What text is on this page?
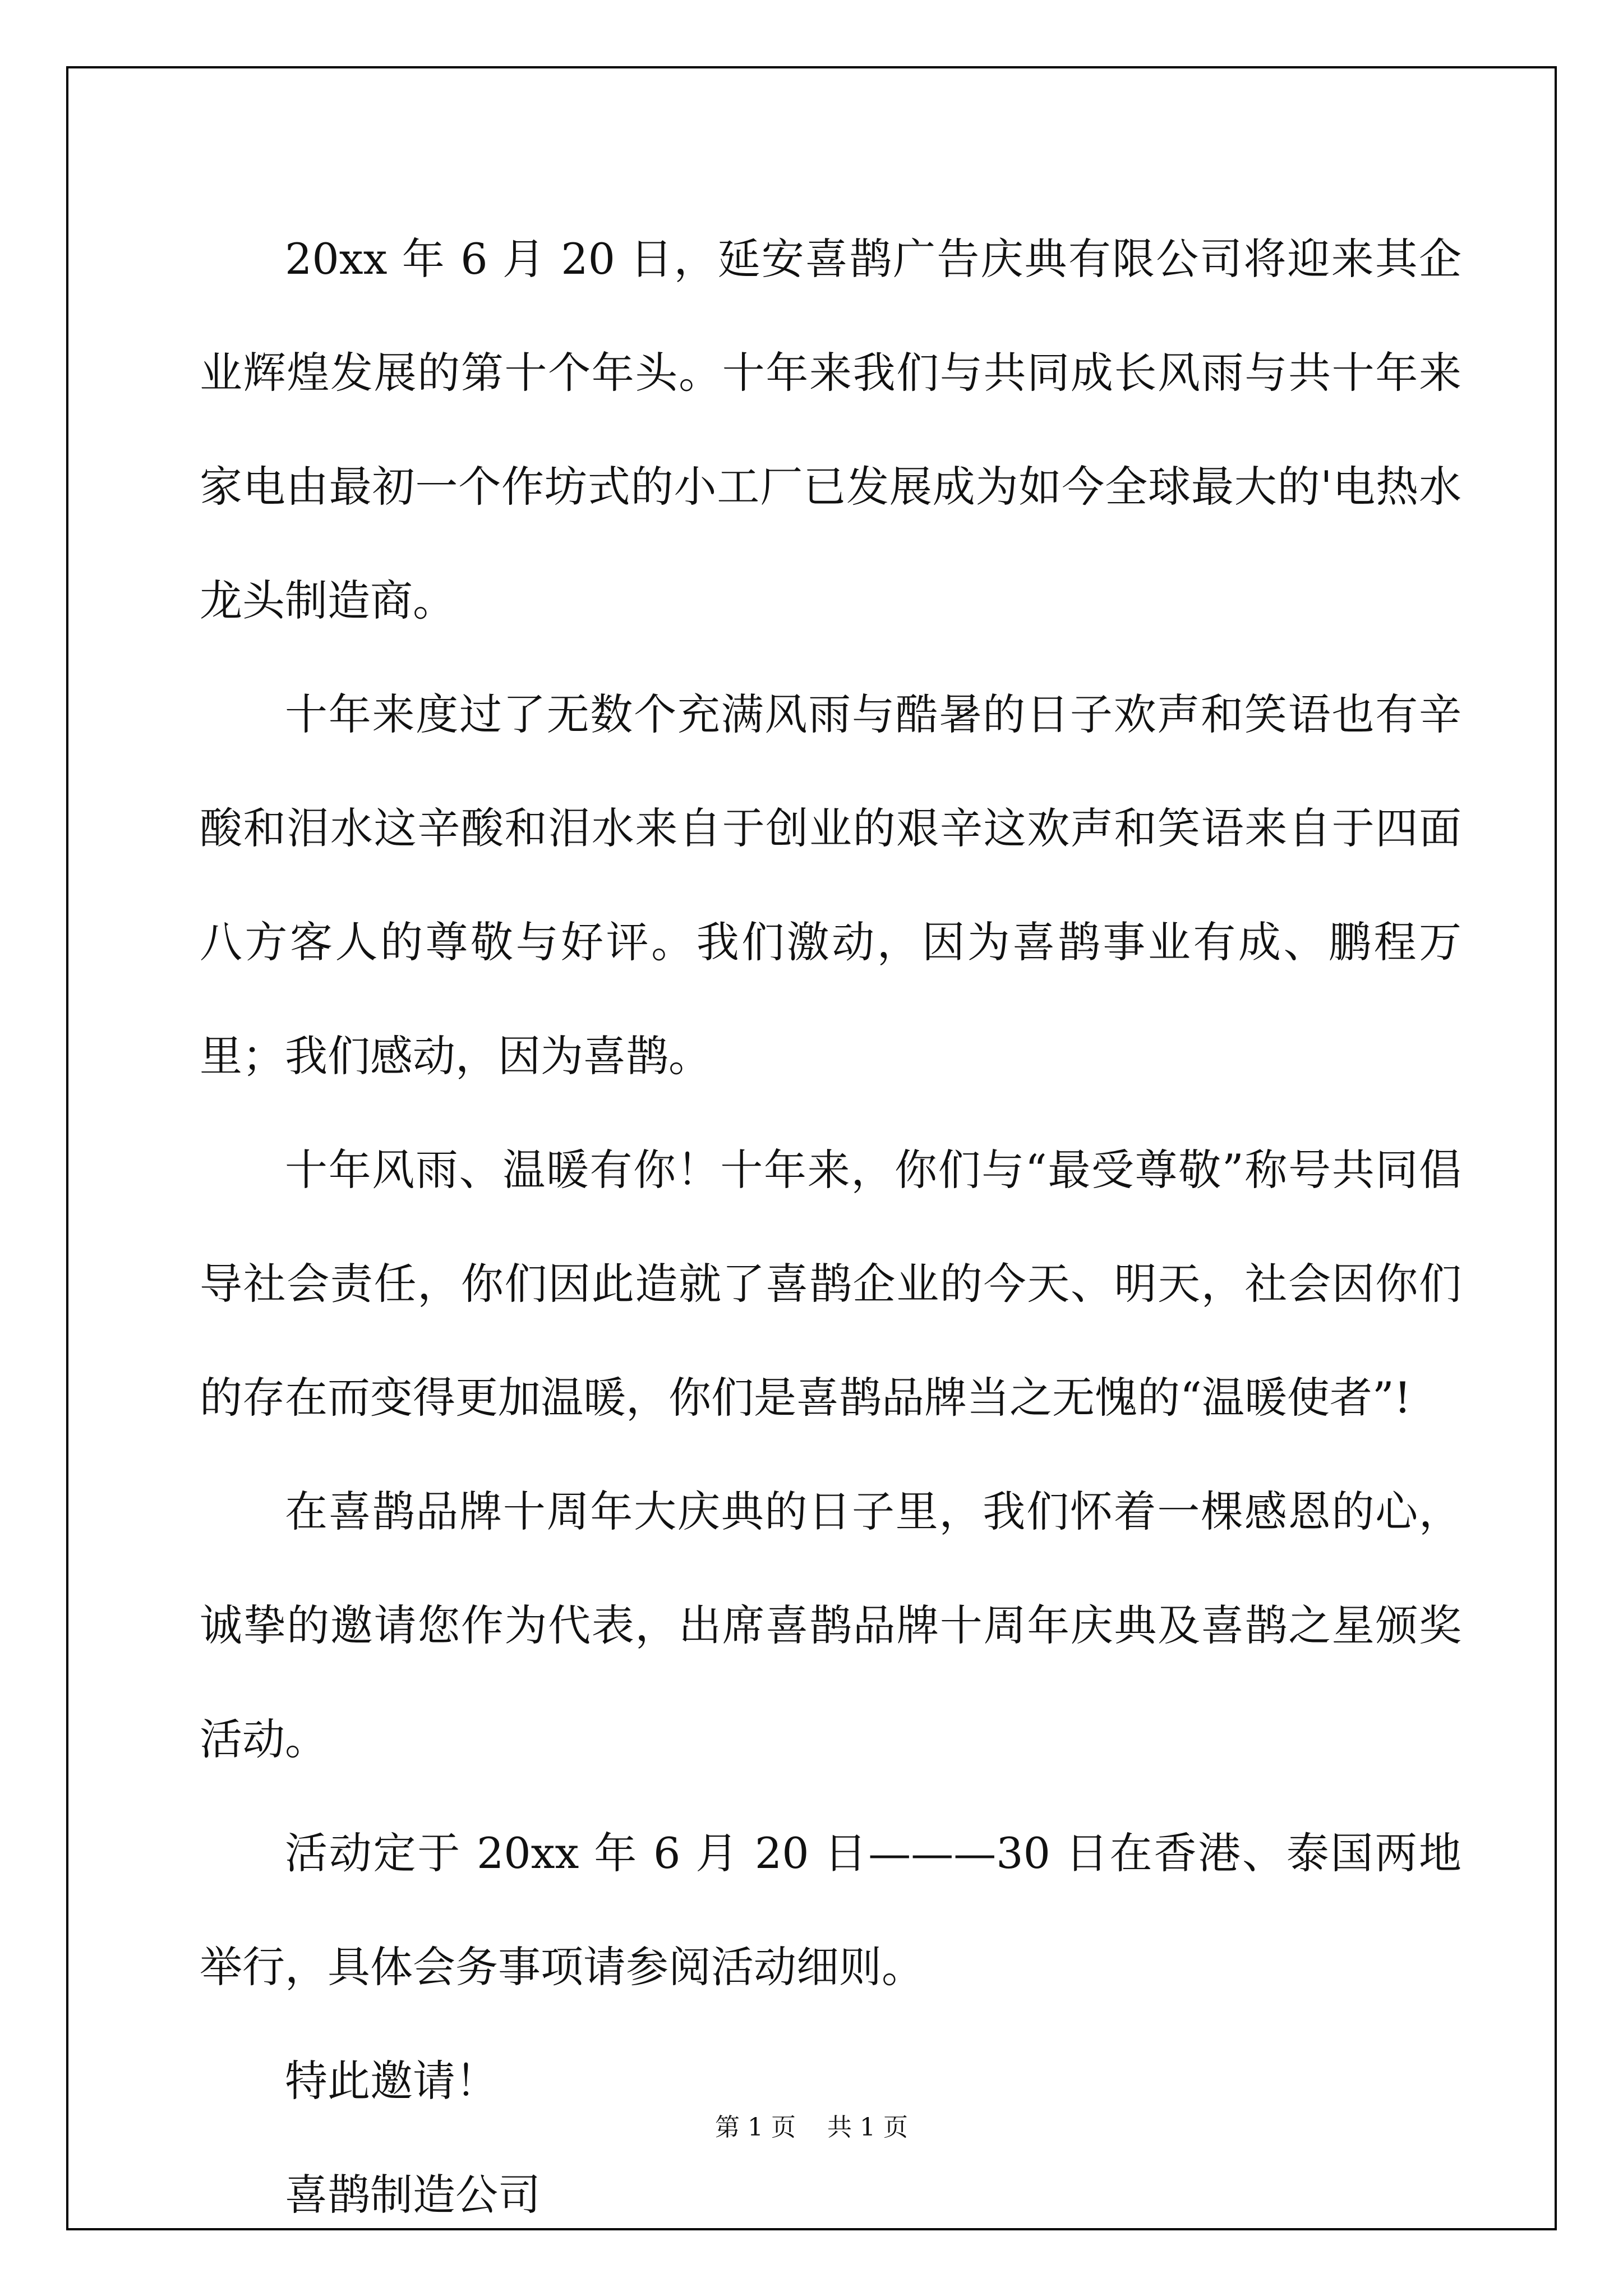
20xx 年 6 月 20 日，延安喜鹊广告庆典有限公司将迎来其企业辉煌发展的第十个年头。十年来我们与共同成长风雨与共十年来家电由最初一个作坊式的小工厂已发展成为如今全球最大的'电热水龙头制造商。

十年来度过了无数个充满风雨与酷暑的日子欢声和笑语也有辛酸和泪水这辛酸和泪水来自于创业的艰辛这欢声和笑语来自于四面八方客人的尊敬与好评。我们激动，因为喜鹊事业有成、鹏程万里；我们感动，因为喜鹊。

十年风雨、温暖有你！十年来，你们与“最受尊敬”称号共同倡导社会责任，你们因此造就了喜鹊企业的今天、明天，社会因你们的存在而变得更加温暖，你们是喜鹊品牌当之无愧的“温暖使者”!

在喜鹊品牌十周年大庆典的日子里，我们怀着一棵感恩的心，诚挚的邀请您作为代表，出席喜鹊品牌十周年庆典及喜鹊之星颁奖活动。

活动定于 20xx 年 6 月 20 日———30 日在香港、泰国两地举行，具体会务事项请参阅活动细则。

特此邀请！

喜鹊制造公司

第 1 页 共 1 页
